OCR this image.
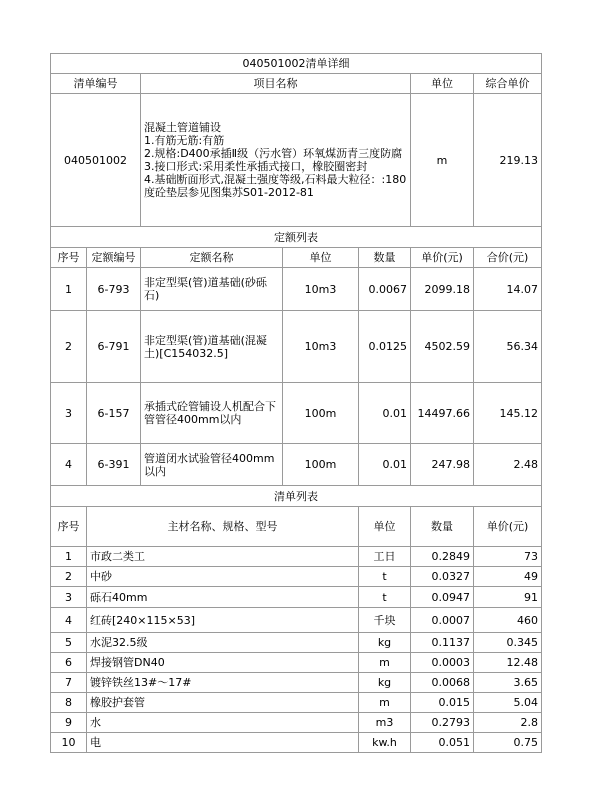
040501002清单详细							
清单编号		项目名称			单位	综合单价	
040501002		混凝土管道铺设
1.有筋无筋:有筋
2.规格:D400承插Ⅱ级（污水管）环氧煤沥青三度防腐
3.接口形式:采用柔性承插式接口，橡胶圈密封
4.基础断面形式,混凝土强度等级,石料最大粒径：:180度砼垫层参见图集苏S01-2012-81			m	219.13	
定额列表							
序号	定额编号	定额名称	单位	数量	单价(元)	合价(元)	
1	6-793	非定型渠(管)道基础(砂砾石)	10m3	0.0067	2099.18	14.07	
2	6-791	非定型渠(管)道基础(混凝土)[C154032.5]	10m3	0.0125	4502.59	56.34	
3	6-157	承插式砼管铺设人机配合下管管径400mm以内	100m	0.01	14497.66	145.12	
4	6-391	管道闭水试验管径400mm以内	100m	0.01	247.98	2.48	
清单列表							
序号	主材名称、规格、型号			单位	数量	单价(元)	
1	市政二类工			工日	0.2849	73	
2	中砂			t	0.0327	49	
3	砾石40mm			t	0.0947	91	
4	红砖[240×115×53]			千块	0.0007	460	
5	水泥32.5级			kg	0.1137	0.345	
6	焊接钢管DN40			m	0.0003	12.48	
7	镀锌铁丝13#～17#			kg	0.0068	3.65	
8	橡胶护套管			m	0.015	5.04	
9	水			m3	0.2793	2.8	
10	电			kw.h	0.051	0.75	
